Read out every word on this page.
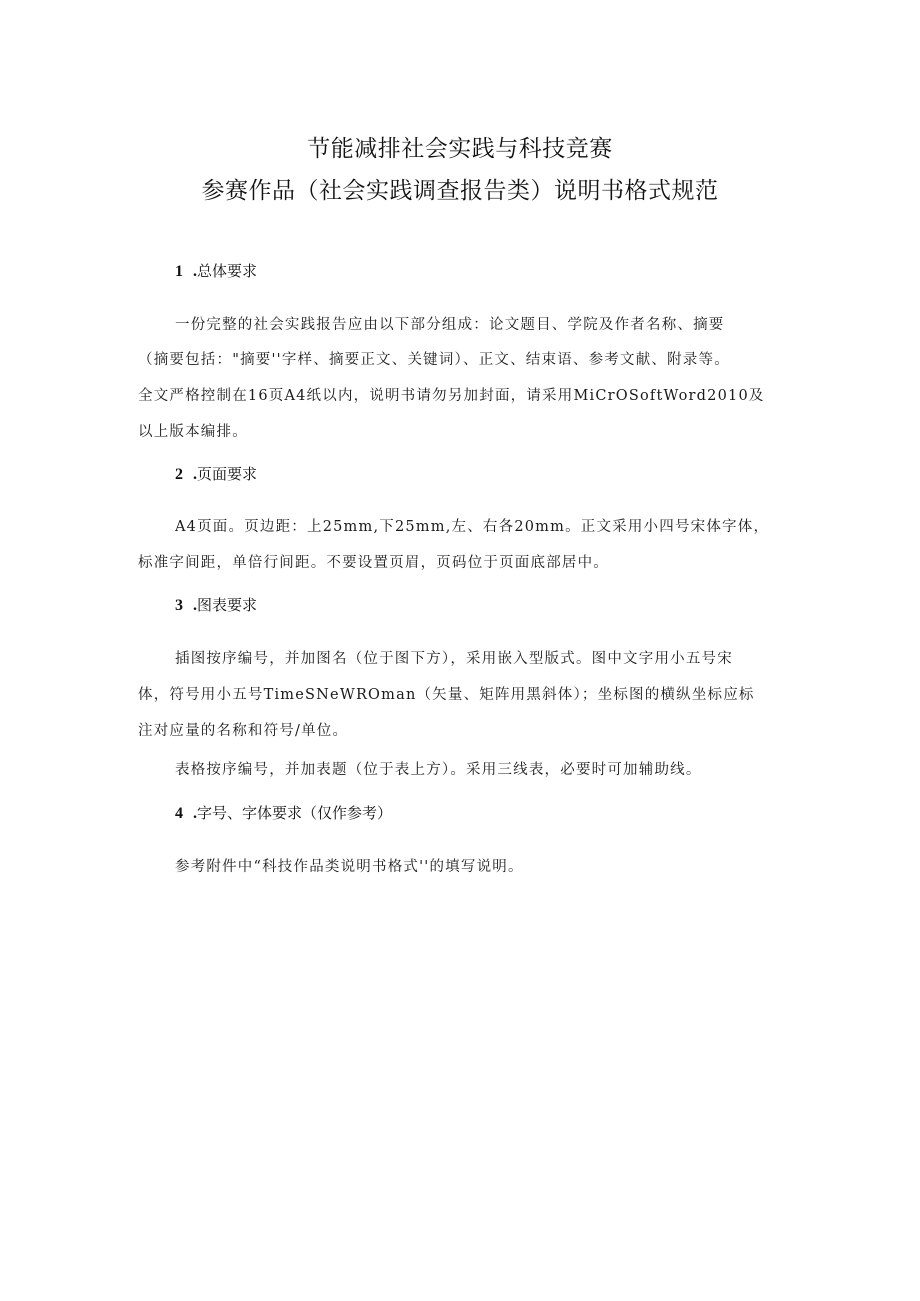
节能减排社会实践与科技竞赛
参赛作品（社会实践调查报告类）说明书格式规范
1 .总体要求
一份完整的社会实践报告应由以下部分组成：论文题目、学院及作者名称、摘要
（摘要包括："摘要''字样、摘要正文、关键词）、正文、结束语、参考文献、附录等。
全文严格控制在16页A4纸以内，说明书请勿另加封面，请采用MiCrOSoftWord2010及
以上版本编排。
2 .页面要求
A4页面。页边距：上25mm,下25mm,左、右各20mm。正文采用小四号宋体字体，
标准字间距，单倍行间距。不要设置页眉，页码位于页面底部居中。
3 .图表要求
插图按序编号，并加图名（位于图下方），采用嵌入型版式。图中文字用小五号宋
体，符号用小五号TimeSNeWROman（矢量、矩阵用黑斜体）；坐标图的横纵坐标应标
注对应量的名称和符号/单位。
表格按序编号，并加表题（位于表上方）。采用三线表，必要时可加辅助线。
4 .字号、字体要求（仅作参考）
参考附件中“科技作品类说明书格式''的填写说明。
